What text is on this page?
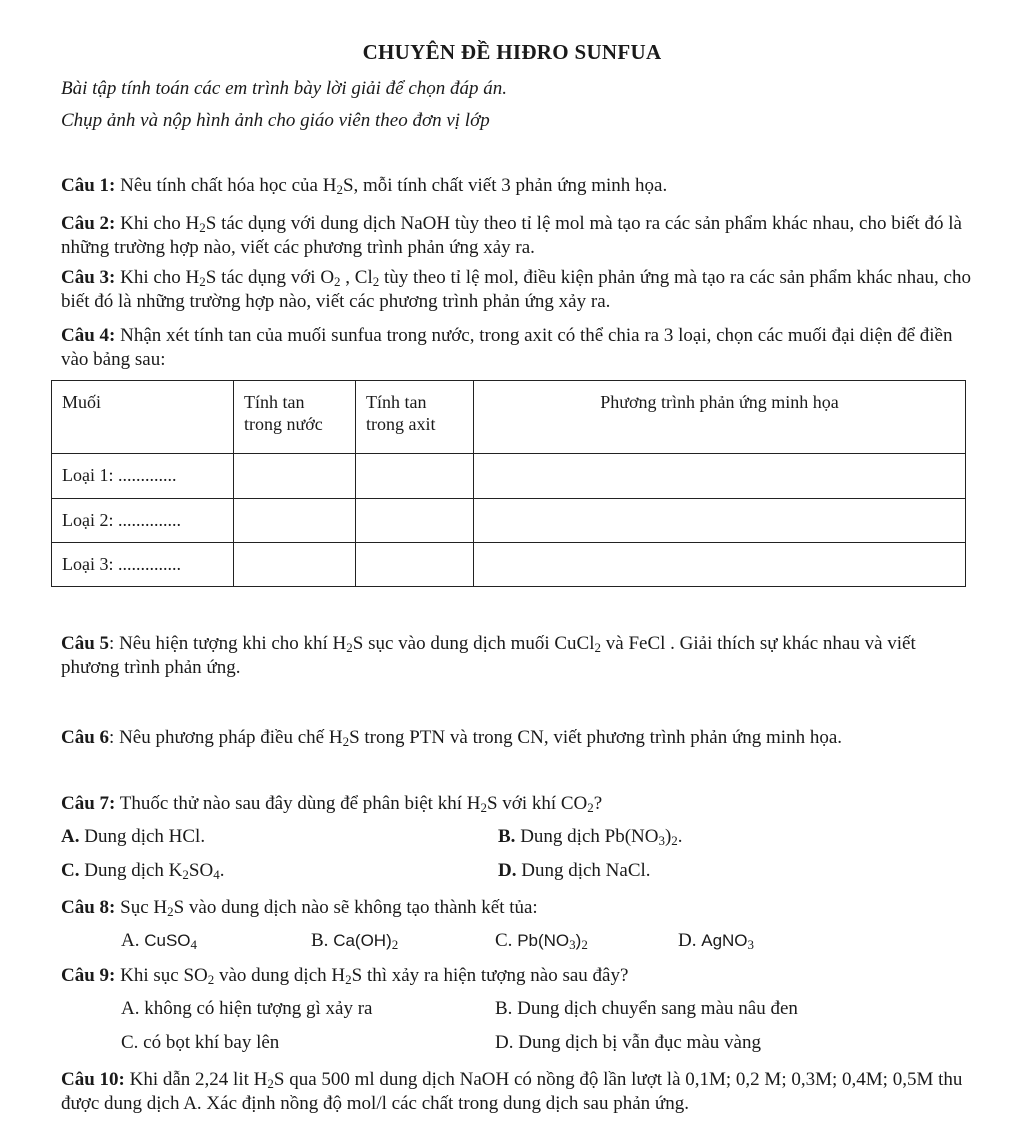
CHUYÊN ĐỀ HIĐRO SUNFUA
Bài tập tính toán các em trình bày lời giải để chọn đáp án.
Chụp ảnh và nộp hình ảnh cho giáo viên theo đơn vị lớp
Câu 1: Nêu tính chất hóa học của $H_2S$, mỗi tính chất viết 3 phản ứng minh họa.
Câu 2: Khi cho $H_2S$ tác dụng với dung dịch NaOH tùy theo tỉ lệ mol mà tạo ra các sản phẩm khác nhau, cho biết đó là những trường hợp nào, viết các phương trình phản ứng xảy ra.
Câu 3: Khi cho $H_2S$ tác dụng với $O_2$ , $Cl_2$ tùy theo tỉ lệ mol, điều kiện phản ứng mà tạo ra các sản phẩm khác nhau, cho biết đó là những trường hợp nào, viết các phương trình phản ứng xảy ra.
Câu 4: Nhận xét tính tan của muối sunfua trong nước, trong axit có thể chia ra 3 loại, chọn các muối đại diện để điền vào bảng sau:
Muối	Tính tan trong nước	Tính tan trong axit	Phương trình phản ứng minh họa
Loại 1: .............			
Loại 2: ..............			
Loại 3: ..............			
Câu 5: Nêu hiện tượng khi cho khí $H_2S$ sục vào dung dịch muối CuCl$_2$ và FeCl . Giải thích sự khác nhau và viết phương trình phản ứng.
Câu 6: Nêu phương pháp điều chế $H_2S$ trong PTN và trong CN, viết phương trình phản ứng minh họa.
Câu 7: Thuốc thử nào sau đây dùng để phân biệt khí $H_2S$ với khí $CO_2$?
A. Dung dịch HCl.	B. Dung dịch $Pb(NO_3)_2$.
C. Dung dịch $K_2SO_4$.	D. Dung dịch NaCl.
Câu 8: Sục $H_2S$ vào dung dịch nào sẽ không tạo thành kết tủa:
A. CuSO$_4$	B. $Ca(OH)_2$	C. $Pb(NO_3)_2$	D. AgNO$_3$
Câu 9: Khi sục $SO_2$ vào dung dịch $H_2S$ thì xảy ra hiện tượng nào sau đây?
A. không có hiện tượng gì xảy ra	B. Dung dịch chuyển sang màu nâu đen
C. có bọt khí bay lên	D. Dung dịch bị vẫn đục màu vàng
Câu 10: Khi dẫn 2,24 lit $H_2S$ qua 500 ml dung dịch NaOH có nồng độ lần lượt là 0,1M; 0,2 M; 0,3M; 0,4M; 0,5M thu được dung dịch A. Xác định nồng độ mol/l các chất trong dung dịch sau phản ứng.
